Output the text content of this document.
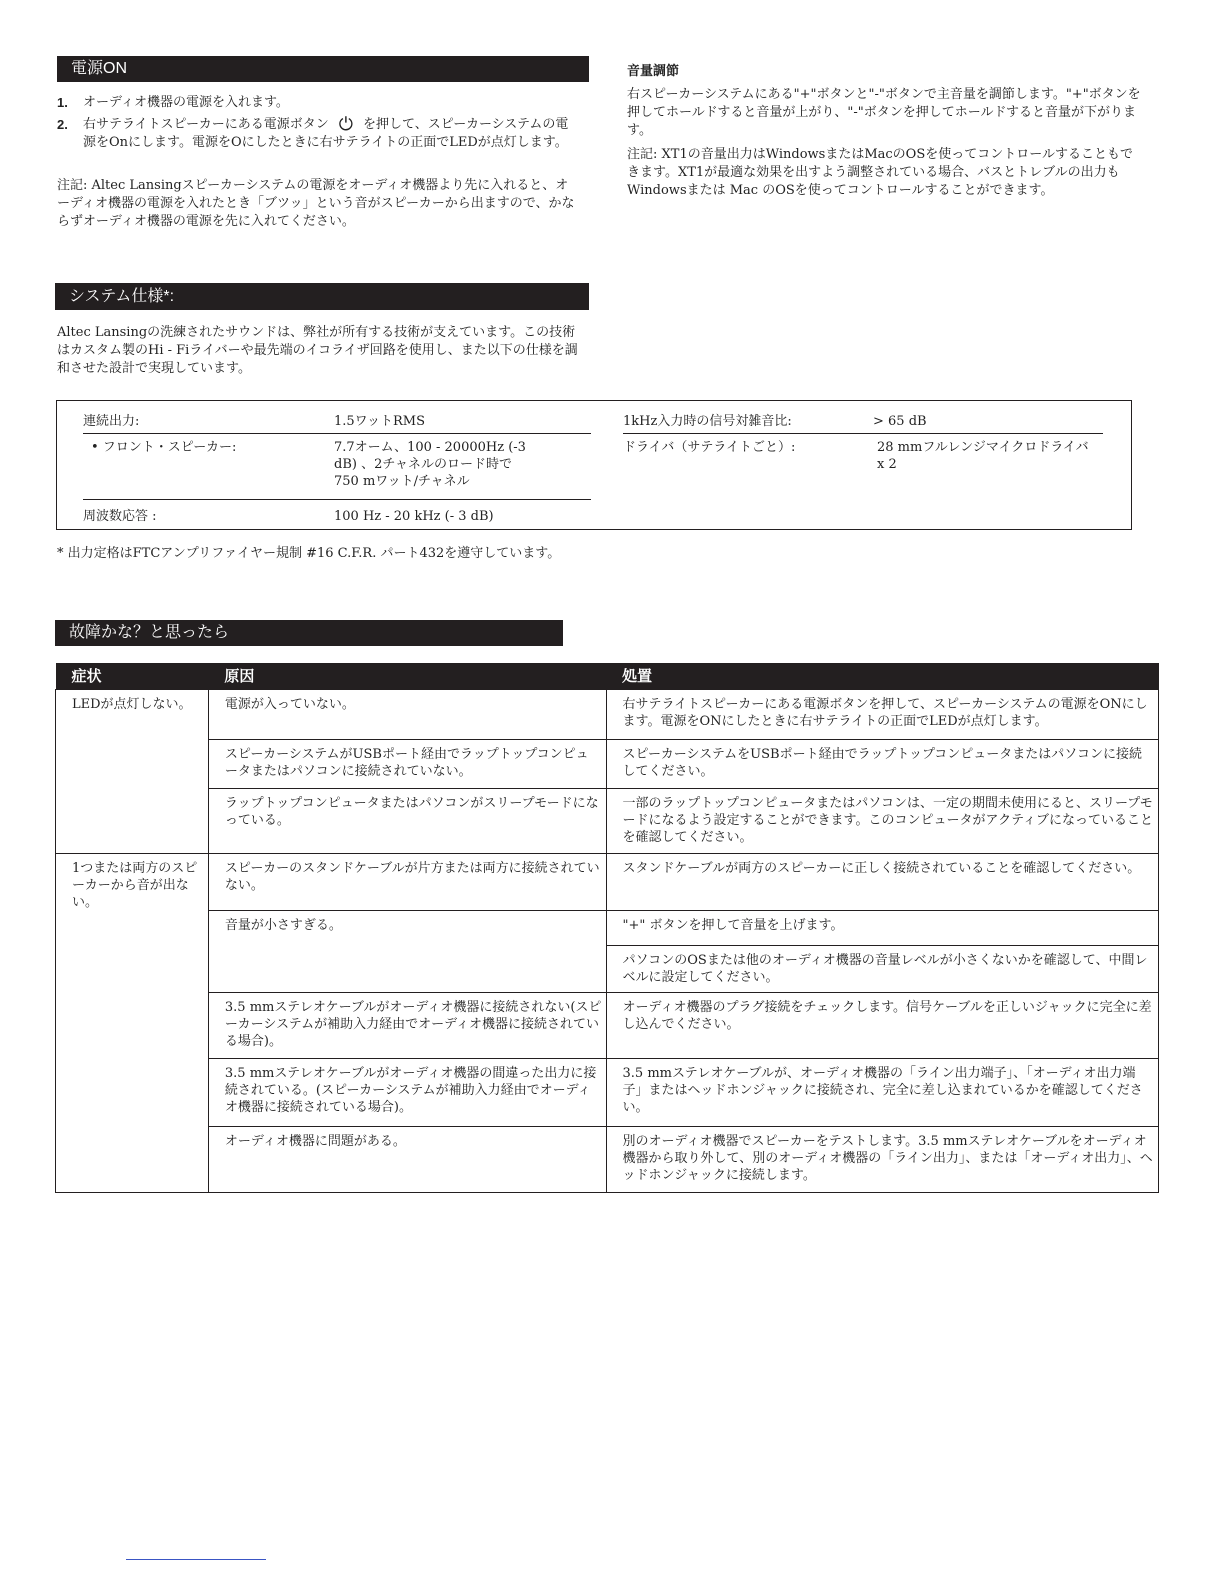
電源ON
1. オーディオ機器の電源を入れます。
2. 右サテライトスピーカーにある電源ボタン ⏻ を押して、スピーカーシステムの電源をOnにします。電源をOにしたときに右サテライトの正面でLEDが点灯します。

注記: Altec Lansingスピーカーシステムの電源をオーディオ機器より先に入れると、オーディオ機器の電源を入れたとき「ブツッ」という音がスピーカーから出ますので、かならずオーディオ機器の電源を先に入れてください。

音量調節

右スピーカーシステムにある"+"ボタンと"-"ボタンで主音量を調節します。"+"ボタンを押してホールドすると音量が上がり、"-"ボタンを押してホールドすると音量が下がります。

注記: XT1の音量出力はWindowsまたはMacのOSを使ってコントロールすることもできます。XT1が最適な効果を出すよう調整されている場合、バスとトレブルの出力もWindowsまたは Mac のOSを使ってコントロールすることができます。

システム仕様*:

Altec Lansingの洗練されたサウンドは、弊社が所有する技術が支えています。この技術はカスタム製のHi - Fiライバーや最先端のイコライザ回路を使用し、また以下の仕様を調和させた設計で実現しています。

連続出力:	1.5ワットRMS
• フロント・スピーカー:	7.7オーム、100 - 20000Hz (-3 dB) 、2チャネルのロード時で750 mワット/チャネル
周波数応答 :	100 Hz - 20 kHz (- 3 dB)
1kHz入力時の信号対雑音比:	> 65 dB
ドライバ（サテライトごと）:	28 mmフルレンジマイクロドライバ x 2

* 出力定格はFTCアンプリファイヤー規制 #16 C.F.R. パート432を遵守しています。

故障かな？と思ったら
症状	原因	処置
LEDが点灯しない。	電源が入っていない。	右サテライトスピーカーにある電源ボタンを押して、スピーカーシステムの電源をONにします。電源をONにしたときに右サテライトの正面でLEDが点灯します。
	スピーカーシステムがUSBポート経由でラップトップコンピュータまたはパソコンに接続されていない。	スピーカーシステムをUSBポート経由でラップトップコンピュータまたはパソコンに接続してください。
	ラップトップコンピュータまたはパソコンがスリープモードになっている。	一部のラップトップコンピュータまたはパソコンは、一定の期間未使用にると、スリープモードになるよう設定することができます。このコンピュータがアクティブになっていることを確認してください。
1つまたは両方のスピーカーから音が出ない。	スピーカーのスタンドケーブルが片方または両方に接続されていない。	スタンドケーブルが両方のスピーカーに正しく接続されていることを確認してください。
	音量が小さすぎる。	"+" ボタンを押して音量を上げます。
		パソコンのOSまたは他のオーディオ機器の音量レベルが小さくないかを確認して、中間レベルに設定してください。
	3.5 mmステレオケーブルがオーディオ機器に接続されない(スピーカーシステムが補助入力経由でオーディオ機器に接続されている場合)。	オーディオ機器のプラグ接続をチェックします。信号ケーブルを正しいジャックに完全に差し込んでください。
	3.5 mmステレオケーブルがオーディオ機器の間違った出力に接続されている。(スピーカーシステムが補助入力経由でオーディオ機器に接続されている場合)。	3.5 mmステレオケーブルが、オーディオ機器の「ライン出力端子」、「オーディオ出力端子」またはヘッドホンジャックに接続され、完全に差し込まれているかを確認してください。
	オーディオ機器に問題がある。	別のオーディオ機器でスピーカーをテストします。3.5 mmステレオケーブルをオーディオ機器から取り外して、別のオーディオ機器の「ライン出力」、または「オーディオ出力」、ヘッドホンジャックに接続します。
